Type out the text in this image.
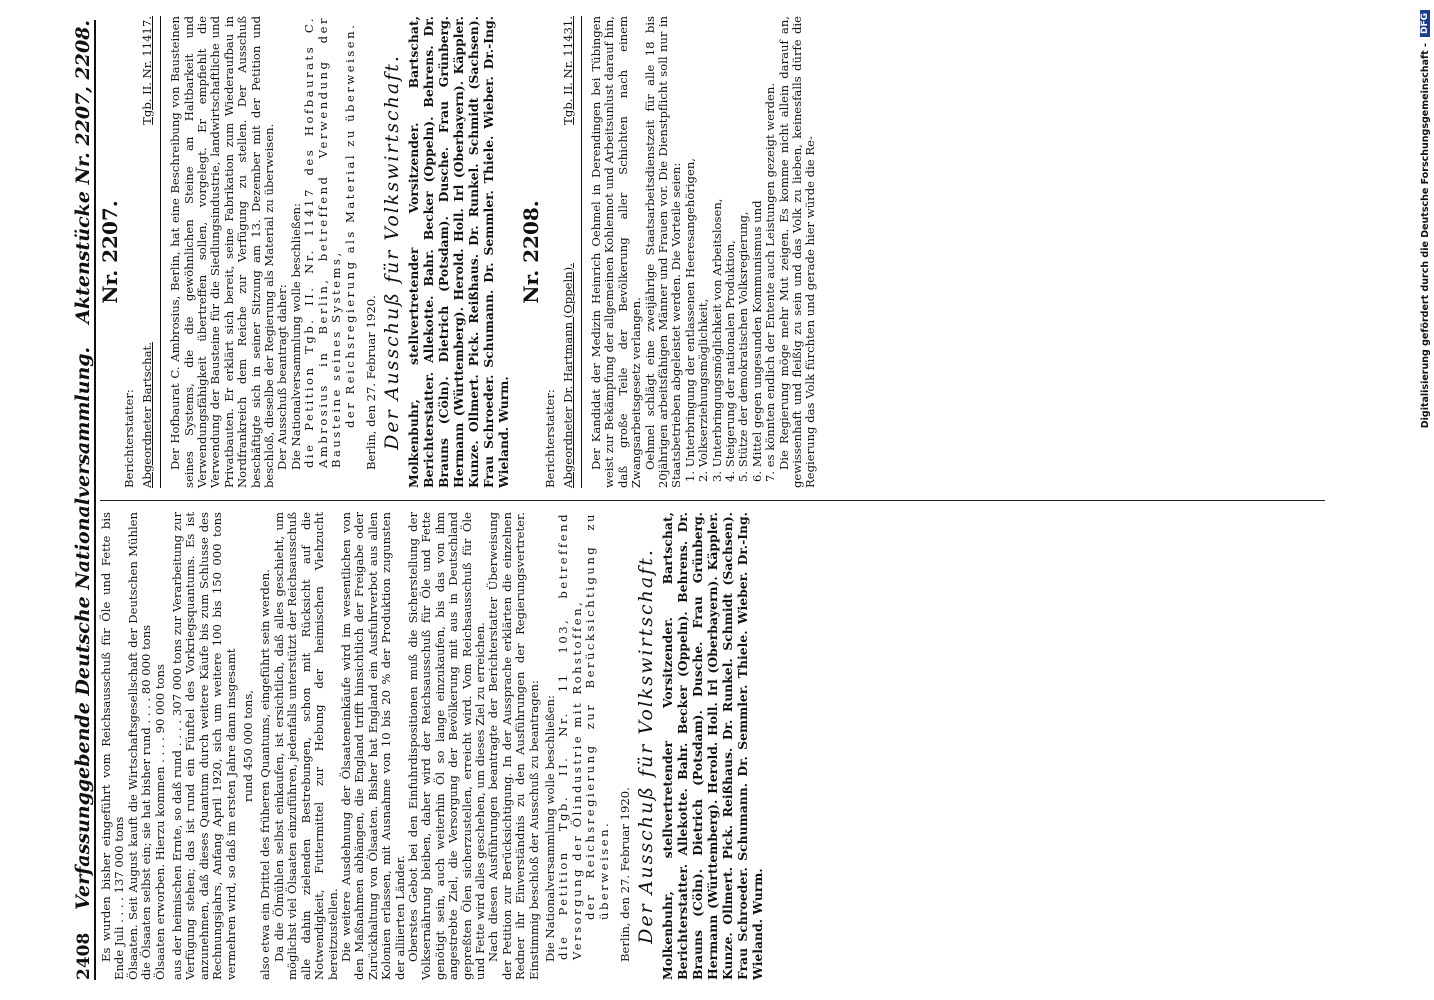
2408
Verfassunggebende Deutsche Nationalversammlung.
Aktenstücke Nr. 2207, 2208.

Es wurden bisher eingeführt vom Reichsausschuß für Öle und Fette bis Ende Juli . . . . 137 000 tons Ölsaaten. Seit August kauft die Wirtschaftsgesellschaft der Deutschen Mühlen die Ölsaaten selbst ein; sie hat bisher rund . . . . 80 000 tons Ölsaaten erworben. Hierzu kommen . . . . 90 000 tons aus der heimischen Ernte, so daß rund . . . . 307 000 tons zur Verarbeitung zur Verfügung stehen; das ist rund ein Fünftel des Vorkriegsquantums. Es ist anzunehmen, daß dieses Quantum durch weitere Käufe bis zum Schlusse des Rechnungsjahrs, Anfang April 1920, sich um weitere 100 bis 150 000 tons vermehren wird, so daß im ersten Jahre dann insgesamt rund 450 000 tons, also etwa ein Drittel des früheren Quantums, eingeführt sein werden. Da die Ölmühlen selbst einkaufen, ist ersichtlich, daß alles geschieht, um möglichst viel Ölsaaten einzuführen, jedenfalls unterstützt der Reichsausschuß alle dahin zielenden Bestrebungen, schon mit Rücksicht auf die Notwendigkeit, Futtermittel zur Hebung der heimischen Viehzucht bereitzustellen. Die weitere Ausdehnung der Ölsaateneinkäufe wird im wesentlichen von den Maßnahmen abhängen, die England trifft hinsichtlich der Freigabe oder Zurückhaltung von Ölsaaten. Bisher hat England ein Ausfuhrverbot aus allen Kolonien erlassen, mit Ausnahme von 10 bis 20 % der Produktion zugunsten der alliierten Länder. Oberstes Gebot bei den Einfuhrdispositionen muß die Sicherstellung der Volksernährung bleiben, daher wird der Reichsausschuß für Öle und Fette genötigt sein, auch weiterhin Öl so lange einzukaufen, bis das von ihm angestrebte Ziel, die Versorgung der Bevölkerung mit aus in Deutschland gepreßten Ölen sicherzustellen, erreicht wird. Vom Reichsausschuß für Öle und Fette wird alles geschehen, um dieses Ziel zu erreichen. Nach diesen Ausführungen beantragte der Berichterstatter Überweisung der Petition zur Berücksichtigung. In der Aussprache erklärten die einzelnen Redner ihr Einverständnis zu den Ausführungen der Regierungsvertreter. Einstimmig beschloß der Ausschuß zu beantragen: Die Nationalversammlung wolle beschließen: die Petition Tgb. II. Nr. 11 103, betreffend Versorgung der Ölindustrie mit Rohstoffen, der Reichsregierung zur Berücksichtigung zu überweisen. Berlin, den 27. Februar 1920. Der Ausschuß für Volkswirtschaft. Molkenbuhr, stellvertretender Vorsitzender. Bartschat, Berichterstatter. Allekotte. Bahr. Becker (Oppeln). Behrens. Dr. Brauns (Cöln). Dietrich (Potsdam). Dusche. Frau Grünberg. Hermann (Württemberg). Herold. Holl. Irl (Oberbayern). Käppler. Kunze. Ollmert. Pick. Reißhaus. Dr. Runkel. Schmidt (Sachsen). Frau Schroeder. Schumann. Dr. Semmler. Thiele. Wieber. Dr.-Ing. Wieland. Wurm.

Nr. 2207.
Berichterstatter: Abgeordneter Bartschat.
Tgb. II. Nr. 11417. Der Hofbaurat C. Ambrosius, Berlin, hat eine Beschreibung von Bausteinen seines Systems, die die gewöhnlichen Steine an Haltbarkeit und Verwendungsfähigkeit übertreffen sollen, vorgelegt. Er empfiehlt die Verwendung der Bausteine für die Siedlungsindustrie, landwirtschaftliche und Privatbauten. Er erklärt sich bereit, seine Fabrikation zum Wiederaufbau in Nordfrankreich dem Reiche zur Verfügung zu stellen. Der Ausschuß beschäftigte sich in seiner Sitzung am 13. Dezember mit der Petition und beschloß, dieselbe der Regierung als Material zu überweisen. Der Ausschuß beantragt daher: Die Nationalversammlung wolle beschließen: die Petition Tgb. II. Nr. 11417 des Hofbaurats C. Ambrosius in Berlin, betreffend Verwendung der Bausteine seines Systems, der Reichsregierung als Material zu überweisen. Berlin, den 27. Februar 1920. Der Ausschuß für Volkswirtschaft. Molkenbuhr, stellvertretender Vorsitzender. Bartschat, Berichterstatter. Allekotte. Bahr. Becker (Oppeln). Behrens. Dr. Brauns (Cöln). Dietrich (Potsdam). Dusche. Frau Grünberg. Hermann (Württemberg). Herold. Holl. Irl (Oberbayern). Käppler. Kunze. Ollmert. Pick. Reißhaus. Dr. Runkel. Schmidt (Sachsen). Frau Schroeder. Schumann. Dr. Semmler. Thiele. Wieber. Dr.-Ing. Wieland. Wurm.

Nr. 2208.
Berichterstatter: Abgeordneter Dr. Hartmann (Oppeln).
Tgb. II. Nr. 11431. Der Kandidat der Medizin Heinrich Oehmel in Derendingen bei Tübingen weist zur Bekämpfung der allgemeinen Kohlennot und Arbeitsunlust darauf hin, daß große Teile der Bevölkerung aller Schichten nach einem Zwangsarbeitsgesetz verlangen. Oehmel schlägt eine zweijährige Staatsarbeitsdienstzeit für alle 18 bis 20jährigen arbeitsfähigen Männer und Frauen vor. Die Dienstpflicht soll nur in Staatsbetrieben abgeleistet werden. Die Vorteile seien: 1. Unterbringung der entlassenen Heeresangehörigen, 2. Volkserziehungsmöglichkeit, 3. Unterbringungsmöglichkeit von Arbeitslosen, 4. Steigerung der nationalen Produktion, 5. Stütze der demokratischen Volksregierung, 6. Mittel gegen ungesunden Kommunismus und 7. es könnten endlich der Entente auch Leistungen gezeigt werden. Die Regierung möge mehr Mut zeigen. Es komme nicht allein darauf an, gewissenhaft und fleißig zu sein und das Volk zu lieben, keinesfalls dürfe die Regierung das Volk fürchten und gerade hier würde die Re-	Digitalisierung gefördert durch die Deutsche Forschungsgemeinschaft -
DFG
